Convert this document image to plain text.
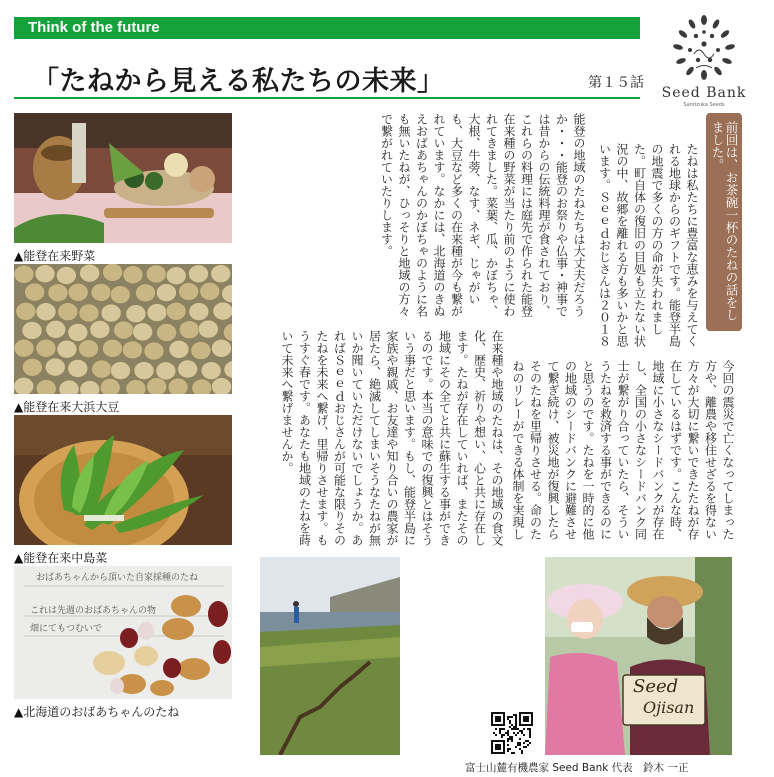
Think of the future
「たねから見える私たちの未来」	第１５話
Seed Bank
Sanrizuka Seeds

前回は、お茶碗一杯のたねの話をしました。

▲能登在来野菜
▲能登在来大浜大豆
▲能登在来中島菜
おばあちゃんから頂いた自家採種のたね
これは先週のおばあちゃんの物
畑にてもつむいで
▲北海道のおばあちゃんのたね
たねは私たちに豊富な恵みを与えてくれる地球からのギフトです。能登半島の地震で多くの方の命が失われました。町自体の復旧の目処も立たない状況の中、故郷を離れる方も多いかと思います。Ｓｅｅｄおじさんは２０１８
能登の地域のたねたちは大丈夫だろうか・・・能登のお祭りや仏事・神事では昔からの伝統料理が食されており、これらの料理には庭先で作られた能登在来種の野菜が当たり前のように使われてきました。菜葉、瓜、かぼちゃ、大根、牛蒡、なす、ネギ、じゃがいも、大豆など多くの在来種が今も繋がれています。なかには、北海道のきぬえおばあちゃんのかぼちゃのように名も無いたねが、ひっそりと地域の方々で繋がれていたりします。
今回の震災で亡くなってしまった方や、離農や移住せざるを得ない方々が大切に繋いできたたねが存在しているはずです。こんな時、地域に小さなシードバンクが存在し、全国の小さなシードバンク同士が繋がり合っていたら、そういうたねを救済する事ができるのにと思うのです。たねを一時的に他の地域のシードバンクに避難させて繋ぎ続け、被災地が復興したらそのたねを里帰りさせる。命のたねのリレーができる体制を実現し
在来種や地域のたねは、その地域の食文化、歴史、祈りや想い、心と共に存在します。たねが存在していれば、またその地域にその全てと共に蘇生する事ができるのです。本当の意味での復興とはそういう事だと思います。もし、能登半島に家族や親戚、お友達や知り合いの農家が居たら、絶滅してしまいそうなたねが無いか聞いていただけないでしょうか。あればＳｅｅｄおじさんが可能な限りそのたねを未来へ繋げ、里帰りさせます。もうすぐ春です。あなたも地域のたねを蒔いて未来へ繋げませんか。
Seed
Ojisan
富士山麓有機農家 Seed Bank 代表　鈴木 一正
